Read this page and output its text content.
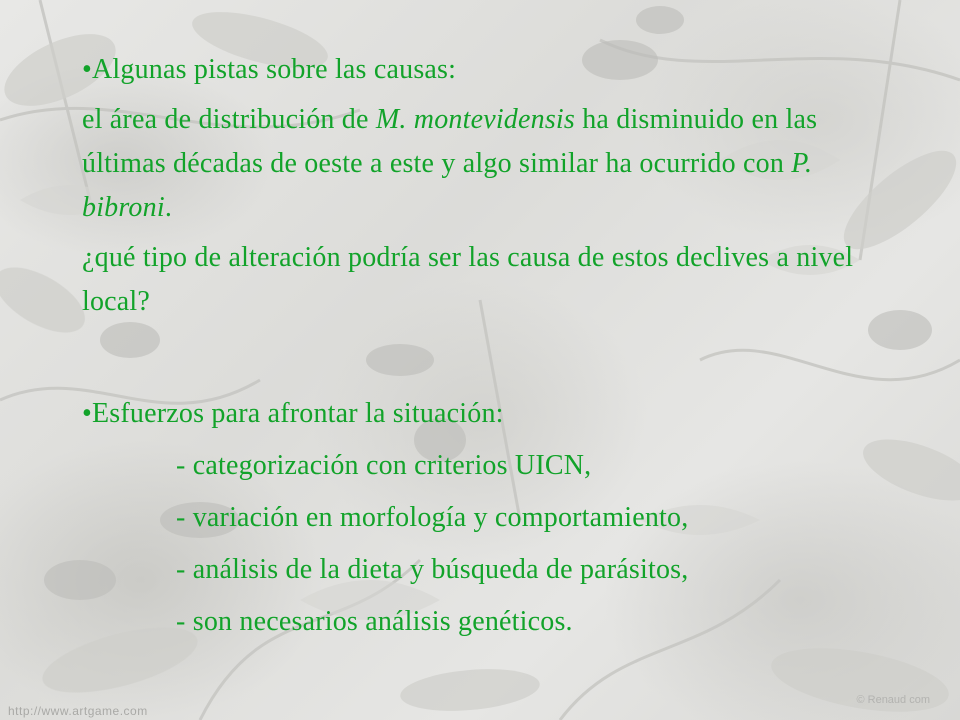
•Algunas pistas sobre las causas:

el área de distribución de M. montevidensis ha disminuido en las últimas décadas de oeste a este y algo similar ha ocurrido con P. bibroni.

¿qué tipo de alteración podría ser las causa de estos declives a nivel local?

•Esfuerzos para afrontar la situación:

- categorización con criterios UICN,

- variación en morfología y comportamiento,

- análisis de la dieta y búsqueda de parásitos,

- son necesarios análisis genéticos.

http://www.artgame.com
© Renaud com
